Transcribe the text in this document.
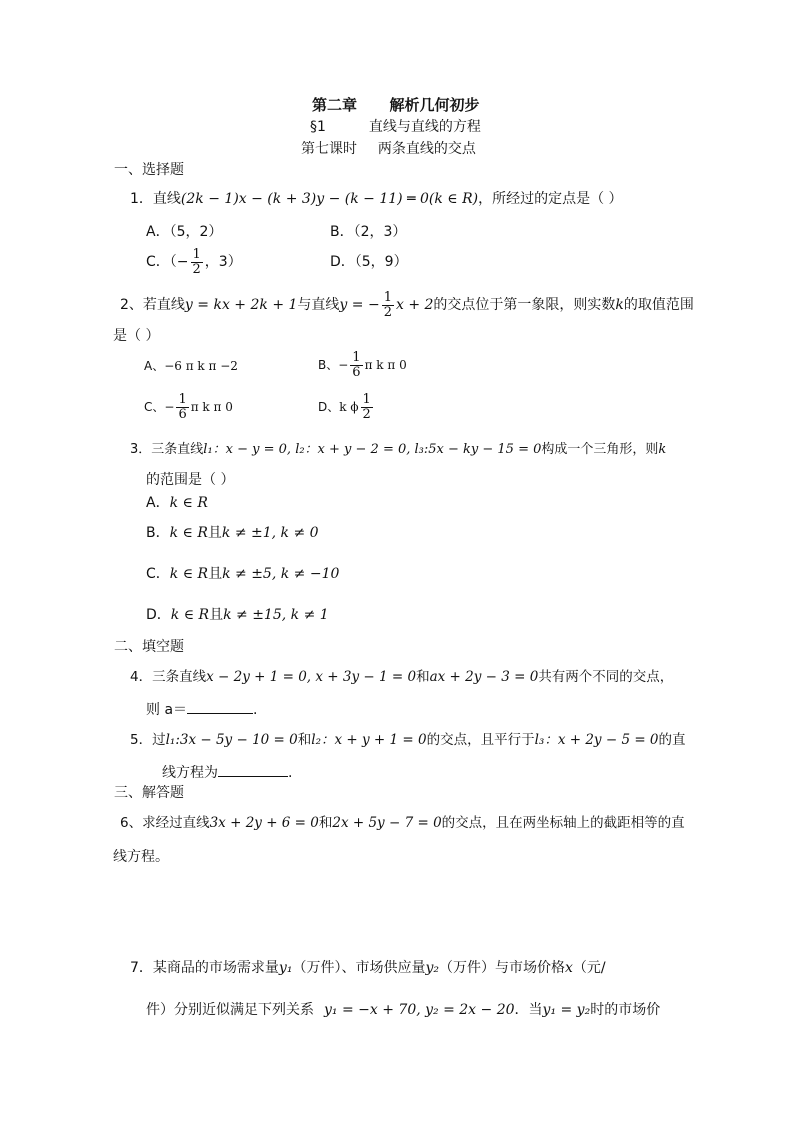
第二章 解析几何初步
§1	直线与直线的方程
第七课时 两条直线的交点
一、选择题
1．直线(2k − 1)x − (k + 3)y − (k − 11) ═ 0(k ∈ R)，所经过的定点是（ ）
A．（5，2）	B．（2，3）
C．（− $\frac{1}{2}$ ，3）	D．（5，9）
2、若直线y = kx + 2k + 1与直线y = − $\frac{1}{2}$ x + 2的交点位于第一象限，则实数k的取值范围
是（ ）
A、−6 π k π −2	B、− $\frac{1}{6}$ π k π 0
C、− $\frac{1}{6}$ π k π 0	D、k ϕ $\frac{1}{2}$
3．三条直线l₁：x − y = 0, l₂：x + y − 2 = 0, l₃:5x − ky − 15 = 0构成一个三角形，则k
的范围是（ ）
A．k ∈ R
B．k ∈ R且k ≠ ±1, k ≠ 0
C．k ∈ R且k ≠ ±5, k ≠ −10
D．k ∈ R且k ≠ ±15, k ≠ 1
二、填空题
4．三条直线x − 2y + 1 = 0, x + 3y − 1 = 0和ax + 2y − 3 = 0共有两个不同的交点，
则 a＝	.
5．过l₁:3x − 5y − 10 = 0和l₂：x + y + 1 = 0的交点，且平行于l₃：x + 2y − 5 = 0的直
线方程为	.
三、解答题
6、求经过直线3x + 2y + 6 = 0和2x + 5y − 7 = 0的交点，且在两坐标轴上的截距相等的直
线方程。
7．某商品的市场需求量y₁（万件）、市场供应量y₂（万件）与市场价格x（元/
件）分别近似满足下列关系 y₁ = −x + 70, y₂ = 2x − 20．当y₁ = y₂时的市场价
